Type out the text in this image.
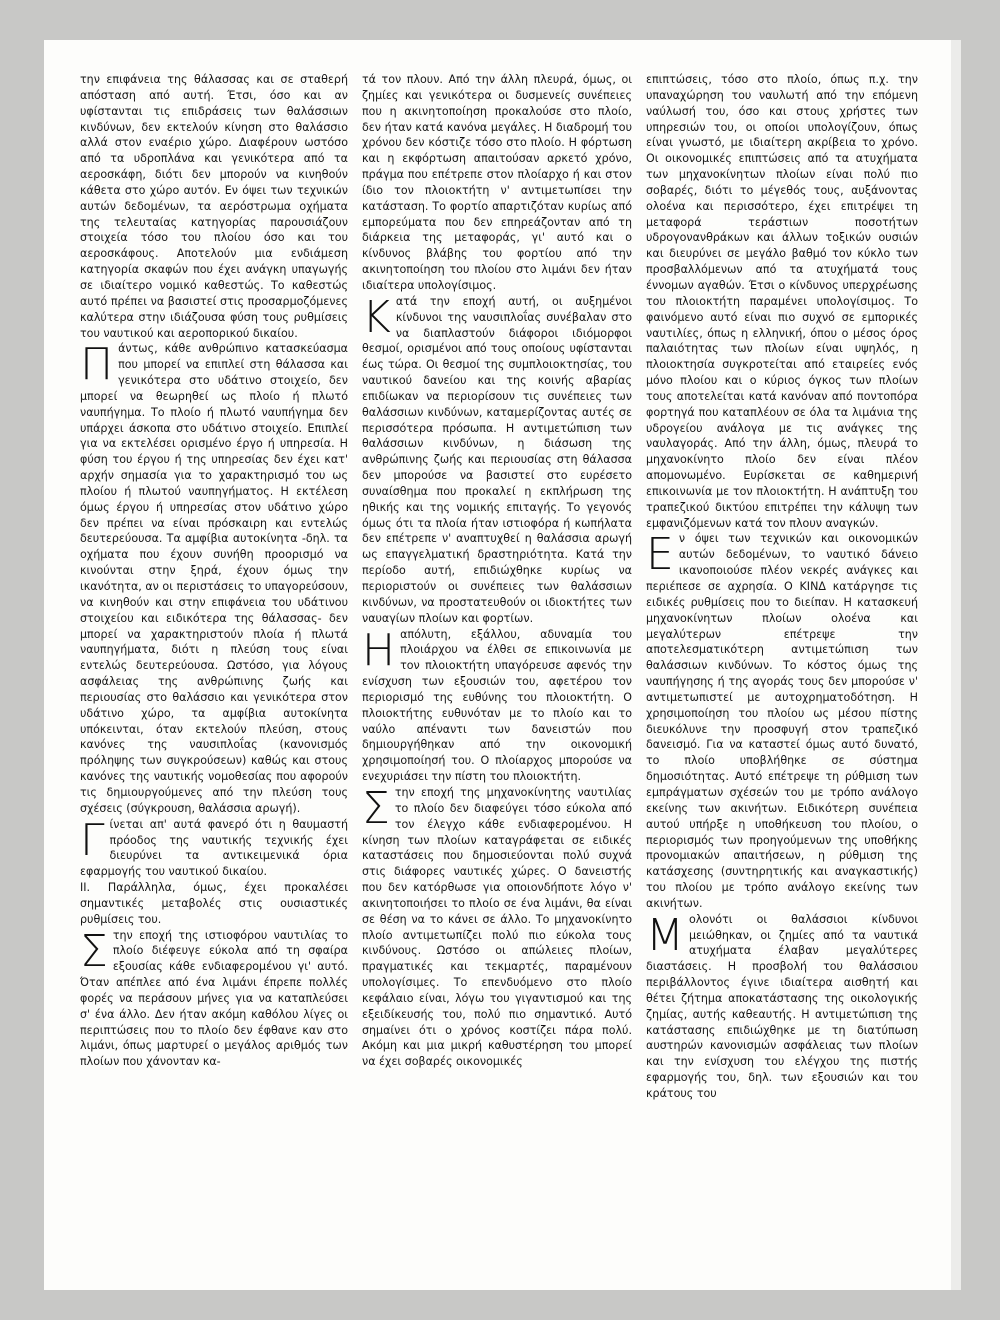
την επιφάνεια της θάλασσας και σε σταθερή απόσταση από αυτή. Έτσι, όσο και αν υφίστανται τις επιδράσεις των θαλάσσιων κινδύνων, δεν εκτελούν κίνηση στο θαλάσσιο αλλά στον εναέριο χώρο. Διαφέρουν ωστόσο από τα υδροπλάνα και γενικότερα από τα αεροσκάφη, διότι δεν μπορούν να κινηθούν κάθετα στο χώρο αυτόν. Εν όψει των τεχνικών αυτών δεδομένων, τα αερόστρωμα οχήματα της τελευταίας κατηγορίας παρουσιάζουν στοιχεία τόσο του πλοίου όσο και του αεροσκάφους. Αποτελούν μια ενδιάμεση κατηγορία σκαφών που έχει ανάγκη υπαγωγής σε ιδιαίτερο νομικό καθεστώς. Το καθεστώς αυτό πρέπει να βασιστεί στις προσαρμοζόμενες καλύτερα στην ιδιάζουσα φύση τους ρυθμίσεις του ναυτικού και αεροπορικού δικαίου.

Πάντως, κάθε ανθρώπινο κατασκεύασμα που μπορεί να επιπλεί στη θάλασσα και γενικότερα στο υδάτινο στοιχείο, δεν μπορεί να θεωρηθεί ως πλοίο ή πλωτό ναυπήγημα. Το πλοίο ή πλωτό ναυπήγημα δεν υπάρχει άσκοπα στο υδάτινο στοιχείο. Επιπλεί για να εκτελέσει ορισμένο έργο ή υπηρεσία. Η φύση του έργου ή της υπηρεσίας δεν έχει κατ' αρχήν σημασία για το χαρακτηρισμό του ως πλοίου ή πλωτού ναυπηγήματος. Η εκτέλεση όμως έργου ή υπηρεσίας στον υδάτινο χώρο δεν πρέπει να είναι πρόσκαιρη και εντελώς δευτερεύουσα. Τα αμφίβια αυτοκίνητα -δηλ. τα οχήματα που έχουν συνήθη προορισμό να κινούνται στην ξηρά, έχουν όμως την ικανότητα, αν οι περιστάσεις το υπαγορεύσουν, να κινηθούν και στην επιφάνεια του υδάτινου στοιχείου και ειδικότερα της θάλασσας- δεν μπορεί να χαρακτηριστούν πλοία ή πλωτά ναυπηγήματα, διότι η πλεύση τους είναι εντελώς δευτερεύουσα. Ωστόσο, για λόγους ασφάλειας της ανθρώπινης ζωής και περιουσίας στο θαλάσσιο και γενικότερα στον υδάτινο χώρο, τα αμφίβια αυτοκίνητα υπόκεινται, όταν εκτελούν πλεύση, στους κανόνες της ναυσιπλοΐας (κανονισμός πρόληψης των συγκρούσεων) καθώς και στους κανόνες της ναυτικής νομοθεσίας που αφορούν τις δημιουργούμενες από την πλεύση τους σχέσεις (σύγκρουση, θαλάσσια αρωγή).

Γίνεται απ' αυτά φανερό ότι η θαυμαστή πρόοδος της ναυτικής τεχνικής έχει διευρύνει τα αντικειμενικά όρια εφαρμογής του ναυτικού δικαίου.

II. Παράλληλα, όμως, έχει προκαλέσει σημαντικές μεταβολές στις ουσιαστικές ρυθμίσεις του.

Στην εποχή της ιστιοφόρου ναυτιλίας το πλοίο διέφευγε εύκολα από τη σφαίρα εξουσίας κάθε ενδιαφερομένου γι' αυτό. Όταν απέπλεε από ένα λιμάνι έπρεπε πολλές φορές να περάσουν μήνες για να καταπλεύσει σ' ένα άλλο. Δεν ήταν ακόμη καθόλου λίγες οι περιπτώσεις που το πλοίο δεν έφθανε καν στο λιμάνι, όπως μαρτυρεί ο μεγάλος αριθμός των πλοίων που χάνονταν κα-

τά τον πλουν. Από την άλλη πλευρά, όμως, οι ζημίες και γενικότερα οι δυσμενείς συνέπειες που η ακινητοποίηση προκαλούσε στο πλοίο, δεν ήταν κατά κανόνα μεγάλες. Η διαδρομή του χρόνου δεν κόστιζε τόσο στο πλοίο. Η φόρτωση και η εκφόρτωση απαιτούσαν αρκετό χρόνο, πράγμα που επέτρεπε στον πλοίαρχο ή και στον ίδιο τον πλοιοκτήτη ν' αντιμετωπίσει την κατάσταση. Το φορτίο απαρτιζόταν κυρίως από εμπορεύματα που δεν επηρεάζονταν από τη διάρκεια της μεταφοράς, γι' αυτό και ο κίνδυνος βλάβης του φορτίου από την ακινητοποίηση του πλοίου στο λιμάνι δεν ήταν ιδιαίτερα υπολογίσιμος.

Κατά την εποχή αυτή, οι αυξημένοι κίνδυνοι της ναυσιπλοΐας συνέβαλαν στο να διαπλαστούν διάφοροι ιδιόμορφοι θεσμοί, ορισμένοι από τους οποίους υφίστανται έως τώρα. Οι θεσμοί της συμπλοιοκτησίας, του ναυτικού δανείου και της κοινής αβαρίας επιδίωκαν να περιορίσουν τις συνέπειες των θαλάσσιων κινδύνων, καταμερίζοντας αυτές σε περισσότερα πρόσωπα. Η αντιμετώπιση των θαλάσσιων κινδύνων, η διάσωση της ανθρώπινης ζωής και περιουσίας στη θάλασσα δεν μπορούσε να βασιστεί στο ευρέσετο συναίσθημα που προκαλεί η εκπλήρωση της ηθικής και της νομικής επιταγής. Το γεγονός όμως ότι τα πλοία ήταν ιστιοφόρα ή κωπήλατα δεν επέτρεπε ν' αναπτυχθεί η θαλάσσια αρωγή ως επαγγελματική δραστηριότητα. Κατά την περίοδο αυτή, επιδιώχθηκε κυρίως να περιοριστούν οι συνέπειες των θαλάσσιων κινδύνων, να προστατευθούν οι ιδιοκτήτες των ναυαγίων πλοίων και φορτίων.

Ηαπόλυτη, εξάλλου, αδυναμία του πλοιάρχου να έλθει σε επικοινωνία με τον πλοιοκτήτη υπαγόρευσε αφενός την ενίσχυση των εξουσιών του, αφετέρου τον περιορισμό της ευθύνης του πλοιοκτήτη. Ο πλοιοκτήτης ευθυνόταν με το πλοίο και το ναύλο απέναντι των δανειστών που δημιουργήθηκαν από την οικονομική χρησιμοποίησή του. Ο πλοίαρχος μπορούσε να ενεχυριάσει την πίστη του πλοιοκτήτη.

Στην εποχή της μηχανοκίνητης ναυτιλίας το πλοίο δεν διαφεύγει τόσο εύκολα από τον έλεγχο κάθε ενδιαφερομένου. Η κίνηση των πλοίων καταγράφεται σε ειδικές καταστάσεις που δημοσιεύονται πολύ συχνά στις διάφορες ναυτικές χώρες. Ο δανειστής που δεν κατόρθωσε για οποιονδήποτε λόγο ν' ακινητοποιήσει το πλοίο σε ένα λιμάνι, θα είναι σε θέση να το κάνει σε άλλο. Το μηχανοκίνητο πλοίο αντιμετωπίζει πολύ πιο εύκολα τους κινδύνους. Ωστόσο οι απώλειες πλοίων, πραγματικές και τεκμαρτές, παραμένουν υπολογίσιμες. Το επενδυόμενο στο πλοίο κεφάλαιο είναι, λόγω του γιγαντισμού και της εξειδίκευσής του, πολύ πιο σημαντικό. Αυτό σημαίνει ότι ο χρόνος κοστίζει πάρα πολύ. Ακόμη και μια μικρή καθυστέρηση του μπορεί να έχει σοβαρές οικονομικές

επιπτώσεις, τόσο στο πλοίο, όπως π.χ. την υπαναχώρηση του ναυλωτή από την επόμενη ναύλωσή του, όσο και στους χρήστες των υπηρεσιών του, οι οποίοι υπολογίζουν, όπως είναι γνωστό, με ιδιαίτερη ακρίβεια το χρόνο. Οι οικονομικές επιπτώσεις από τα ατυχήματα των μηχανοκίνητων πλοίων είναι πολύ πιο σοβαρές, διότι το μέγεθός τους, αυξάνοντας ολοένα και περισσότερο, έχει επιτρέψει τη μεταφορά τεράστιων ποσοτήτων υδρογονανθράκων και άλλων τοξικών ουσιών και διευρύνει σε μεγάλο βαθμό τον κύκλο των προσβαλλόμενων από τα ατυχήματά τους έννομων αγαθών. Έτσι ο κίνδυνος υπερχρέωσης του πλοιοκτήτη παραμένει υπολογίσιμος. Το φαινόμενο αυτό είναι πιο συχνό σε εμπορικές ναυτιλίες, όπως η ελληνική, όπου ο μέσος όρος παλαιότητας των πλοίων είναι υψηλός, η πλοιοκτησία συγκροτείται από εταιρείες ενός μόνο πλοίου και ο κύριος όγκος των πλοίων τους αποτελείται κατά κανόναν από ποντοπόρα φορτηγά που καταπλέουν σε όλα τα λιμάνια της υδρογείου ανάλογα με τις ανάγκες της ναυλαγοράς. Από την άλλη, όμως, πλευρά το μηχανοκίνητο πλοίο δεν είναι πλέον απομονωμένο. Ευρίσκεται σε καθημερινή επικοινωνία με τον πλοιοκτήτη. Η ανάπτυξη του τραπεζικού δικτύου επιτρέπει την κάλυψη των εμφανιζόμενων κατά τον πλουν αναγκών.

Εν όψει των τεχνικών και οικονομικών αυτών δεδομένων, το ναυτικό δάνειο ικανοποιούσε πλέον νεκρές ανάγκες και περιέπεσε σε αχρησία. Ο ΚΙΝΔ κατάργησε τις ειδικές ρυθμίσεις που το διείπαν. Η κατασκευή μηχανοκίνητων πλοίων ολοένα και μεγαλύτερων επέτρεψε την αποτελεσματικότερη αντιμετώπιση των θαλάσσιων κινδύνων. Το κόστος όμως της ναυπήγησης ή της αγοράς τους δεν μπορούσε ν' αντιμετωπιστεί με αυτοχρηματοδότηση. Η χρησιμοποίηση του πλοίου ως μέσου πίστης διευκόλυνε την προσφυγή στον τραπεζικό δανεισμό. Για να καταστεί όμως αυτό δυνατό, το πλοίο υποβλήθηκε σε σύστημα δημοσιότητας. Αυτό επέτρεψε τη ρύθμιση των εμπράγματων σχέσεών του με τρόπο ανάλογο εκείνης των ακινήτων. Ειδικότερη συνέπεια αυτού υπήρξε η υποθήκευση του πλοίου, ο περιορισμός των προηγούμενων της υποθήκης προνομιακών απαιτήσεων, η ρύθμιση της κατάσχεσης (συντηρητικής και αναγκαστικής) του πλοίου με τρόπο ανάλογο εκείνης των ακινήτων.

Μολονότι οι θαλάσσιοι κίνδυνοι μειώθηκαν, οι ζημίες από τα ναυτικά ατυχήματα έλαβαν μεγαλύτερες διαστάσεις. Η προσβολή του θαλάσσιου περιβάλλοντος έγινε ιδιαίτερα αισθητή και θέτει ζήτημα αποκατάστασης της οικολογικής ζημίας, αυτής καθεαυτής. Η αντιμετώπιση της κατάστασης επιδιώχθηκε με τη διατύπωση αυστηρών κανονισμών ασφάλειας των πλοίων και την ενίσχυση του ελέγχου της πιστής εφαρμογής του, δηλ. των εξουσιών και του κράτους του
